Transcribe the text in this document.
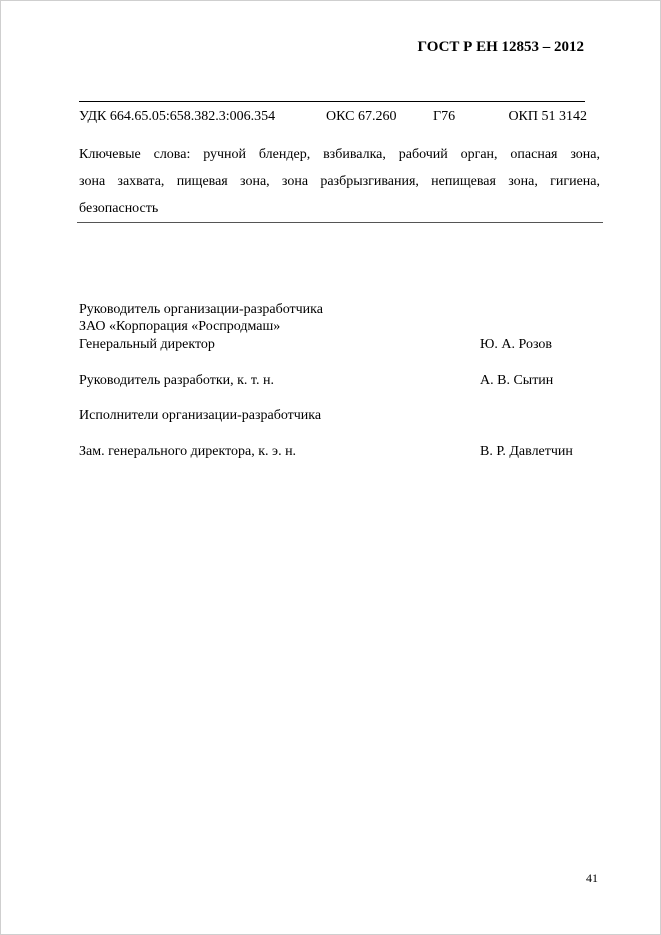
ГОСТ Р ЕН 12853 – 2012
УДК 664.65.05:658.382.3:006.354	ОКС 67.260	Г76	ОКП 51 3142
Ключевые слова: ручной блендер, взбивалка, рабочий орган, опасная зона,
зона захвата, пищевая зона, зона разбрызгивания, непищевая зона, гигиена,
безопасность
Руководитель организации-разработчика
ЗАО «Корпорация «Роспродмаш»
Генеральный директор	Ю. А. Розов
Руководитель разработки, к. т. н.	А. В. Сытин
Исполнители организации-разработчика
Зам. генерального директора, к. э. н.	В. Р. Давлетчин
41
